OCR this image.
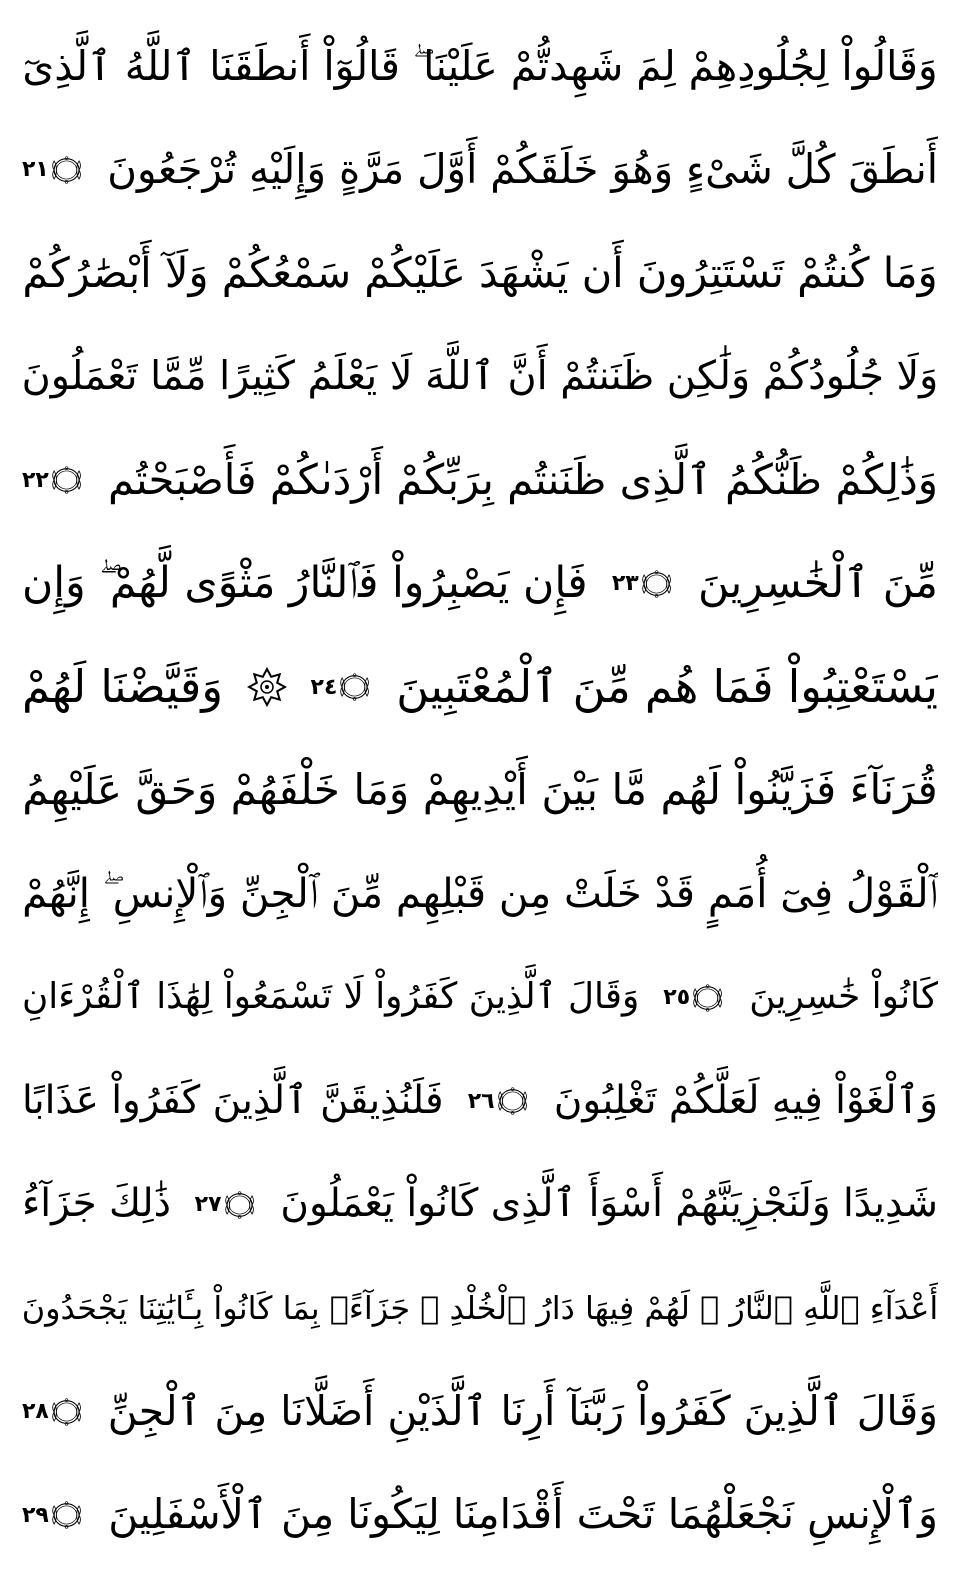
وَقَالُواْ لِجُلُودِهِمْ لِمَ شَهِدتُّمْ عَلَيْنَا ۖ قَالُوٓاْ أَنطَقَنَا ٱللَّهُ ٱلَّذِىٓ
أَنطَقَ كُلَّ شَىْءٍ وَهُوَ خَلَقَكُمْ أَوَّلَ مَرَّةٍ وَإِلَيْهِ تُرْجَعُونَ
٢١
وَمَا كُنتُمْ تَسْتَتِرُونَ أَن يَشْهَدَ عَلَيْكُمْ سَمْعُكُمْ وَلَآ أَبْصَٰرُكُمْ
وَلَا جُلُودُكُمْ وَلَٰكِن ظَنَنتُمْ أَنَّ ٱللَّهَ لَا يَعْلَمُ كَثِيرًا مِّمَّا تَعْمَلُونَ
وَذَٰلِكُمْ ظَنُّكُمُ ٱلَّذِى ظَنَنتُم بِرَبِّكُمْ أَرْدَىٰكُمْ فَأَصْبَحْتُم
٢٢
مِّنَ ٱلْخَٰسِرِينَ
٢٣
فَإِن يَصْبِرُواْ فَٱلنَّارُ مَثْوًى لَّهُمْ ۖ وَإِن
يَسْتَعْتِبُواْ فَمَا هُم مِّنَ ٱلْمُعْتَبِينَ
٢٤
وَقَيَّضْنَا لَهُمْ
قُرَنَآءَ فَزَيَّنُواْ لَهُم مَّا بَيْنَ أَيْدِيهِمْ وَمَا خَلْفَهُمْ وَحَقَّ عَلَيْهِمُ
ٱلْقَوْلُ فِىٓ أُمَمٍ قَدْ خَلَتْ مِن قَبْلِهِم مِّنَ ٱلْجِنِّ وَٱلْإِنسِ ۖ إِنَّهُمْ
كَانُواْ خَٰسِرِينَ
٢٥
وَقَالَ ٱلَّذِينَ كَفَرُواْ لَا تَسْمَعُواْ لِهَٰذَا ٱلْقُرْءَانِ
وَٱلْغَوْاْ فِيهِ لَعَلَّكُمْ تَغْلِبُونَ
٢٦
فَلَنُذِيقَنَّ ٱلَّذِينَ كَفَرُواْ عَذَابًا
شَدِيدًا وَلَنَجْزِيَنَّهُمْ أَسْوَأَ ٱلَّذِى كَانُواْ يَعْمَلُونَ
٢٧
ذَٰلِكَ جَزَآءُ
أَعْدَآءِ ٱللَّهِ ٱلنَّارُ ۖ لَهُمْ فِيهَا دَارُ ٱلْخُلْدِ ۖ جَزَآءًۢ بِمَا كَانُواْ بِـَٔايَٰتِنَا يَجْحَدُونَ
وَقَالَ ٱلَّذِينَ كَفَرُواْ رَبَّنَآ أَرِنَا ٱلَّذَيْنِ أَضَلَّانَا مِنَ ٱلْجِنِّ
٢٨
وَٱلْإِنسِ نَجْعَلْهُمَا تَحْتَ أَقْدَامِنَا لِيَكُونَا مِنَ ٱلْأَسْفَلِينَ
٢٩
